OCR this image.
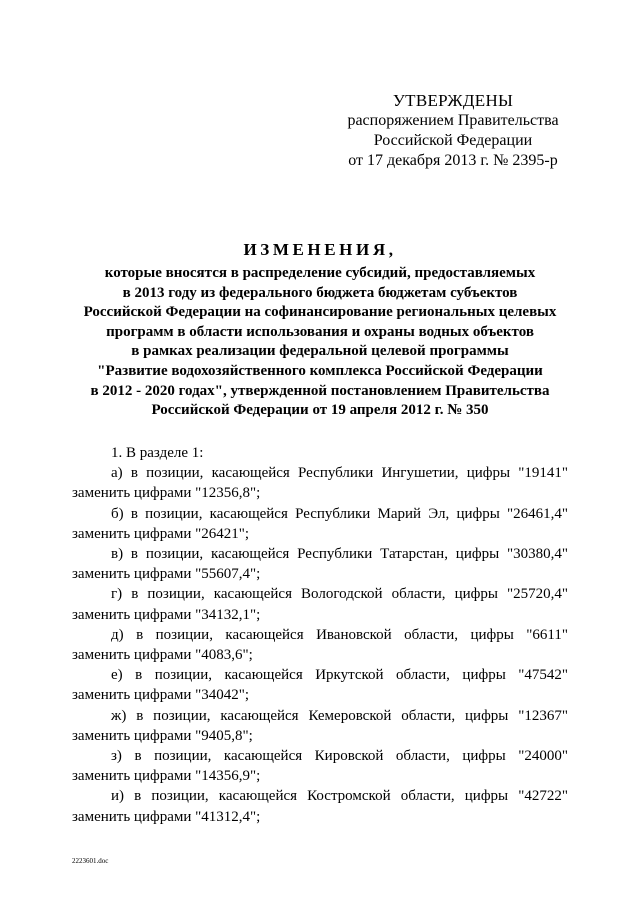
УТВЕРЖДЕНЫ
распоряжением Правительства
Российской Федерации
от 17 декабря 2013 г. № 2395-р
ИЗМЕНЕНИЯ,
которые вносятся в распределение субсидий, предоставляемых
в 2013 году из федерального бюджета бюджетам субъектов
Российской Федерации на софинансирование региональных целевых
программ в области использования и охраны водных объектов
в рамках реализации федеральной целевой программы
"Развитие водохозяйственного комплекса Российской Федерации
в 2012 - 2020 годах", утвержденной постановлением Правительства
Российской Федерации от 19 апреля 2012 г. № 350
1. В разделе 1:
а) в позиции, касающейся Республики Ингушетии, цифры "19141"
заменить цифрами "12356,8";
б) в позиции, касающейся Республики Марий Эл, цифры "26461,4"
заменить цифрами "26421";
в) в позиции, касающейся Республики Татарстан, цифры "30380,4"
заменить цифрами "55607,4";
г) в позиции, касающейся Вологодской области, цифры "25720,4"
заменить цифрами "34132,1";
д) в позиции, касающейся Ивановской области, цифры "6611"
заменить цифрами "4083,6";
е) в позиции, касающейся Иркутской области, цифры "47542"
заменить цифрами "34042";
ж) в позиции, касающейся Кемеровской области, цифры "12367"
заменить цифрами "9405,8";
з) в позиции, касающейся Кировской области, цифры "24000"
заменить цифрами "14356,9";
и) в позиции, касающейся Костромской области, цифры "42722"
заменить цифрами "41312,4";
2223601.doc
